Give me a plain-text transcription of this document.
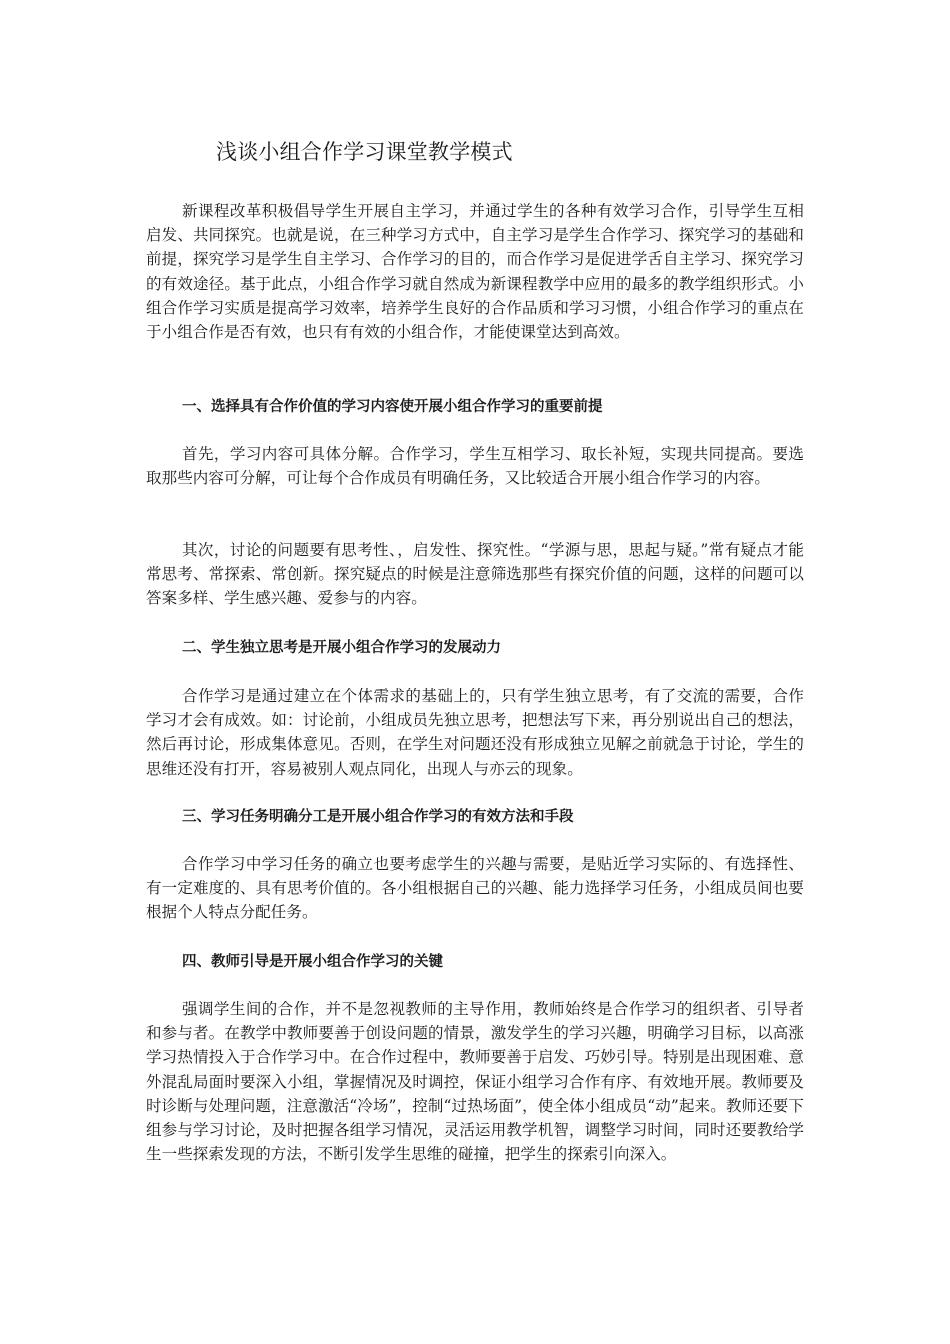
浅谈小组合作学习课堂教学模式
新课程改革积极倡导学生开展自主学习，并通过学生的各种有效学习合作，引导学生互相启发、共同探究。也就是说，在三种学习方式中，自主学习是学生合作学习、探究学习的基础和前提，探究学习是学生自主学习、合作学习的目的，而合作学习是促进学舌自主学习、探究学习的有效途径。基于此点，小组合作学习就自然成为新课程教学中应用的最多的教学组织形式。小组合作学习实质是提高学习效率，培养学生良好的合作品质和学习习惯，小组合作学习的重点在于小组合作是否有效，也只有有效的小组合作，才能使课堂达到高效。
一、选择具有合作价值的学习内容使开展小组合作学习的重要前提
首先，学习内容可具体分解。合作学习，学生互相学习、取长补短，实现共同提高。要选取那些内容可分解，可让每个合作成员有明确任务，又比较适合开展小组合作学习的内容。
其次，讨论的问题要有思考性、，启发性、探究性。“学源与思，思起与疑。”常有疑点才能常思考、常探索、常创新。探究疑点的时候是注意筛选那些有探究价值的问题，这样的问题可以答案多样、学生感兴趣、爱参与的内容。
二、学生独立思考是开展小组合作学习的发展动力
合作学习是通过建立在个体需求的基础上的，只有学生独立思考，有了交流的需要，合作学习才会有成效。如：讨论前，小组成员先独立思考，把想法写下来，再分别说出自己的想法，然后再讨论，形成集体意见。否则，在学生对问题还没有形成独立见解之前就急于讨论，学生的思维还没有打开，容易被别人观点同化，出现人与亦云的现象。
三、学习任务明确分工是开展小组合作学习的有效方法和手段
合作学习中学习任务的确立也要考虑学生的兴趣与需要，是贴近学习实际的、有选择性、有一定难度的、具有思考价值的。各小组根据自己的兴趣、能力选择学习任务，小组成员间也要根据个人特点分配任务。
四、教师引导是开展小组合作学习的关键
强调学生间的合作，并不是忽视教师的主导作用，教师始终是合作学习的组织者、引导者和参与者。在教学中教师要善于创设问题的情景，激发学生的学习兴趣，明确学习目标，以高涨学习热情投入于合作学习中。在合作过程中，教师要善于启发、巧妙引导。特别是出现困难、意外混乱局面时要深入小组，掌握情况及时调控，保证小组学习合作有序、有效地开展。教师要及时诊断与处理问题，注意激活“冷场”，控制“过热场面”，使全体小组成员“动”起来。教师还要下组参与学习讨论，及时把握各组学习情况，灵活运用教学机智，调整学习时间，同时还要教给学生一些探索发现的方法，不断引发学生思维的碰撞，把学生的探索引向深入。
